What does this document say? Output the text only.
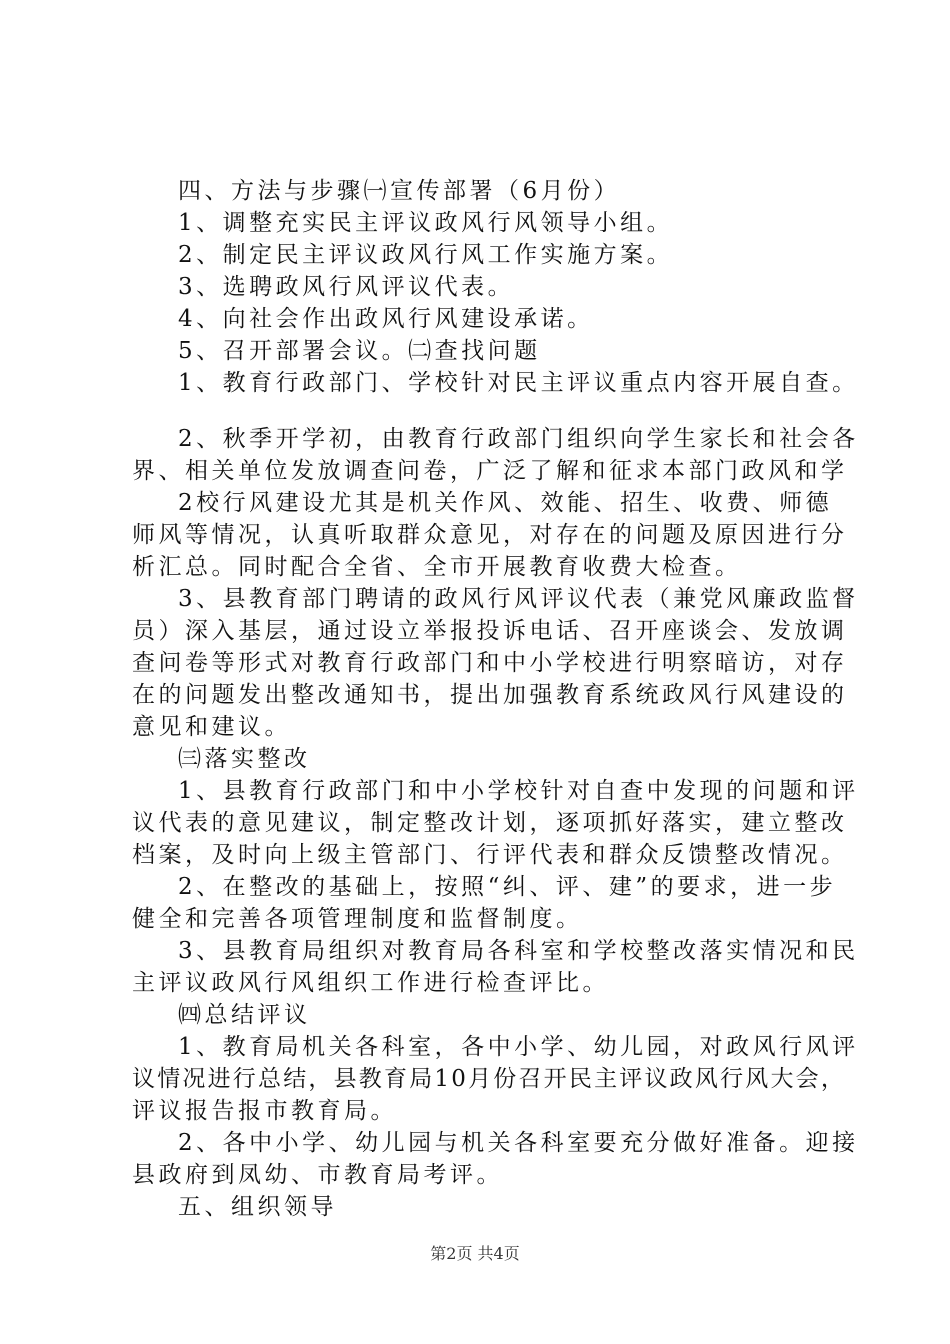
四、方法与步骤㈠宣传部署（6月份）
1、调整充实民主评议政风行风领导小组。
2、制定民主评议政风行风工作实施方案。
3、选聘政风行风评议代表。
4、向社会作出政风行风建设承诺。
5、召开部署会议。㈡查找问题
1、教育行政部门、学校针对民主评议重点内容开展自查。
2、秋季开学初，由教育行政部门组织向学生家长和社会各
界、相关单位发放调查问卷，广泛了解和征求本部门政风和学
2校行风建设尤其是机关作风、效能、招生、收费、师德
师风等情况，认真听取群众意见，对存在的问题及原因进行分
析汇总。同时配合全省、全市开展教育收费大检查。
3、县教育部门聘请的政风行风评议代表（兼党风廉政监督
员）深入基层，通过设立举报投诉电话、召开座谈会、发放调
查问卷等形式对教育行政部门和中小学校进行明察暗访，对存
在的问题发出整改通知书，提出加强教育系统政风行风建设的
意见和建议。
㈢落实整改
1、县教育行政部门和中小学校针对自查中发现的问题和评
议代表的意见建议，制定整改计划，逐项抓好落实，建立整改
档案，及时向上级主管部门、行评代表和群众反馈整改情况。
2、在整改的基础上，按照“纠、评、建”的要求，进一步
健全和完善各项管理制度和监督制度。
3、县教育局组织对教育局各科室和学校整改落实情况和民
主评议政风行风组织工作进行检查评比。
㈣总结评议
1、教育局机关各科室，各中小学、幼儿园，对政风行风评
议情况进行总结，县教育局10月份召开民主评议政风行风大会，
评议报告报市教育局。
2、各中小学、幼儿园与机关各科室要充分做好准备。迎接
县政府到凤幼、市教育局考评。
五、组织领导
第2页 共4页
